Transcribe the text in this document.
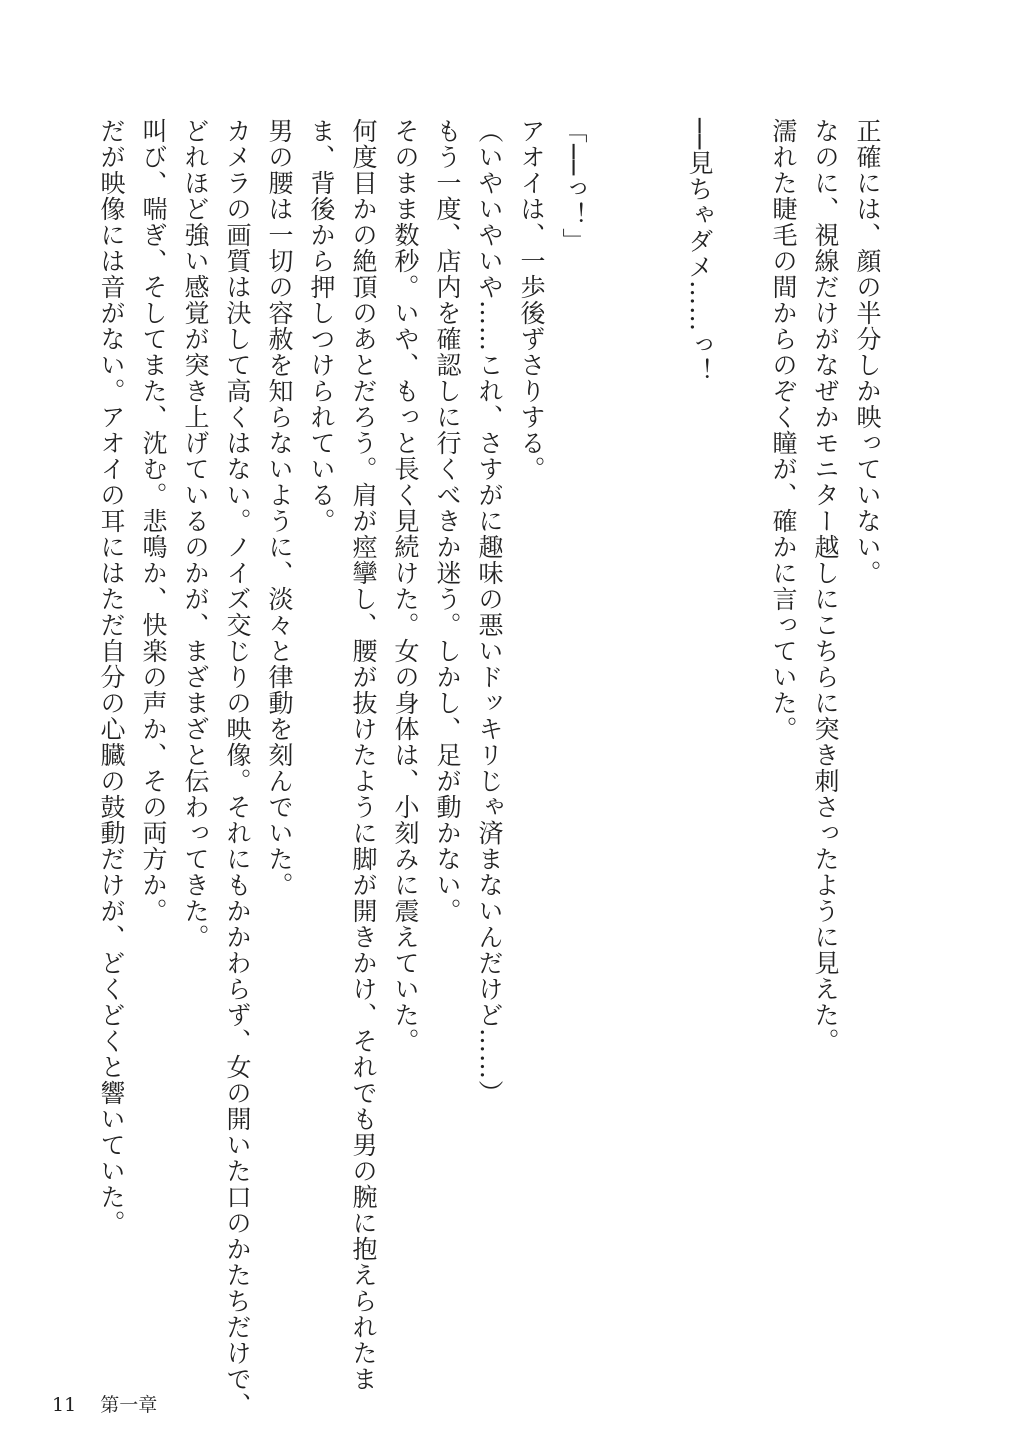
正確には、顔の半分しか映っていない。
なのに、視線だけがなぜかモニター越しにこちらに突き刺さったように見えた。
濡れた睫毛の間からのぞく瞳が、確かに言っていた。
──見ちゃダメ……っ！
「──っ！」
アオイは、一歩後ずさりする。
（いやいやいや……これ、さすがに趣味の悪いドッキリじゃ済まないんだけど……）
もう一度、店内を確認しに行くべきか迷う。しかし、足が動かない。
そのまま数秒。いや、もっと長く見続けた。女の身体は、小刻みに震えていた。
何度目かの絶頂のあとだろう。肩が痙攣し、腰が抜けたように脚が開きかけ、それでも男の腕に抱えられたま
ま、背後から押しつけられている。
男の腰は一切の容赦を知らないように、淡々と律動を刻んでいた。
カメラの画質は決して高くはない。ノイズ交じりの映像。それにもかかわらず、女の開いた口のかたちだけで、
どれほど強い感覚が突き上げているのかが、まざまざと伝わってきた。
叫び、喘ぎ、そしてまた、沈む。悲鳴か、快楽の声か、その両方か。
だが映像には音がない。アオイの耳にはただ自分の心臓の鼓動だけが、どくどくと響いていた。
11 第一章
